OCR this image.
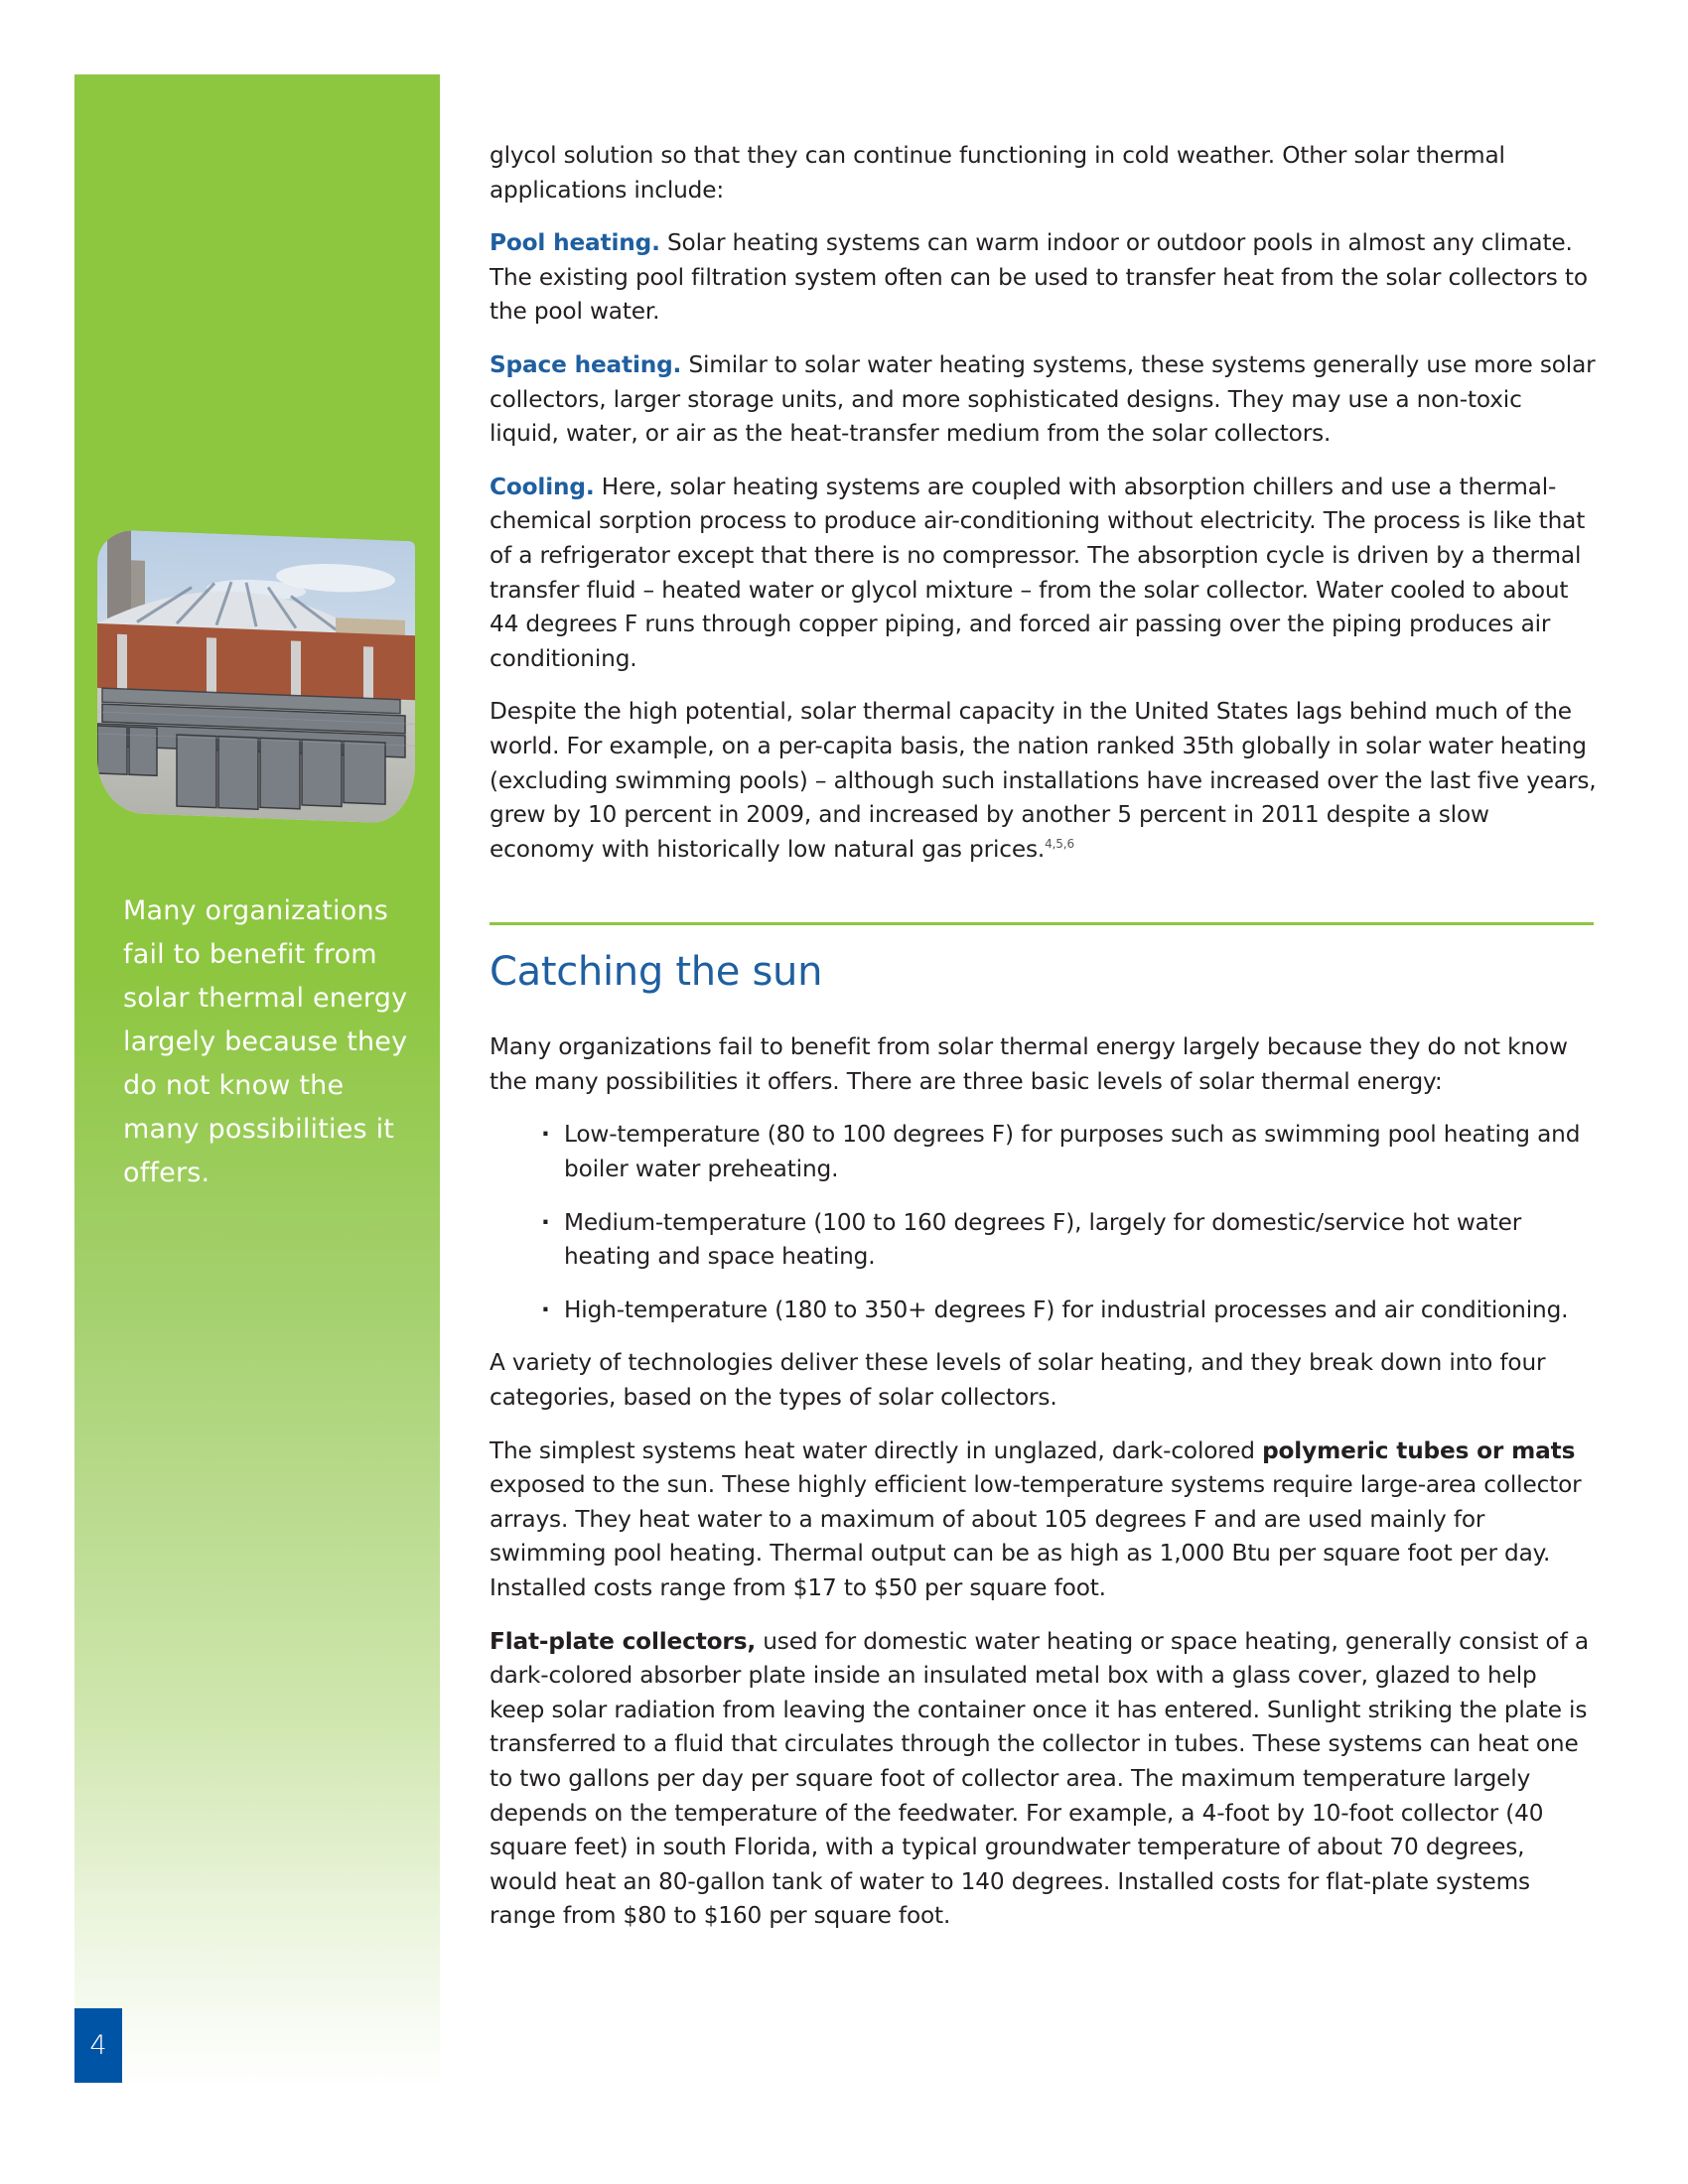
Many organizations fail to benefit from solar thermal energy largely because they do not know the many possibilities it offers.
4

glycol solution so that they can continue functioning in cold weather. Other solar thermal applications include:

Pool heating. Solar heating systems can warm indoor or outdoor pools in almost any climate. The existing pool filtration system often can be used to transfer heat from the solar collectors to the pool water.

Space heating. Similar to solar water heating systems, these systems generally use more solar collectors, larger storage units, and more sophisticated designs. They may use a non-toxic liquid, water, or air as the heat-transfer medium from the solar collectors.

Cooling. Here, solar heating systems are coupled with absorption chillers and use a thermal-chemical sorption process to produce air-conditioning without electricity. The process is like that of a refrigerator except that there is no compressor. The absorption cycle is driven by a thermal transfer fluid – heated water or glycol mixture – from the solar collector. Water cooled to about 44 degrees F runs through copper piping, and forced air passing over the piping produces air conditioning.

Despite the high potential, solar thermal capacity in the United States lags behind much of the world. For example, on a per-capita basis, the nation ranked 35th globally in solar water heating (excluding swimming pools) – although such installations have increased over the last five years, grew by 10 percent in 2009, and increased by another 5 percent in 2011 despite a slow economy with historically low natural gas prices.$^{4,5,6}$

Catching the sun

Many organizations fail to benefit from solar thermal energy largely because they do not know the many possibilities it offers. There are three basic levels of solar thermal energy:

· Low-temperature (80 to 100 degrees F) for purposes such as swimming pool heating and boiler water preheating.
· Medium-temperature (100 to 160 degrees F), largely for domestic/service hot water heating and space heating.
· High-temperature (180 to 350+ degrees F) for industrial processes and air conditioning.

A variety of technologies deliver these levels of solar heating, and they break down into four categories, based on the types of solar collectors.

The simplest systems heat water directly in unglazed, dark-colored polymeric tubes or mats exposed to the sun. These highly efficient low-temperature systems require large-area collector arrays. They heat water to a maximum of about 105 degrees F and are used mainly for swimming pool heating. Thermal output can be as high as 1,000 Btu per square foot per day. Installed costs range from $17 to $50 per square foot.

Flat-plate collectors, used for domestic water heating or space heating, generally consist of a dark-colored absorber plate inside an insulated metal box with a glass cover, glazed to help keep solar radiation from leaving the container once it has entered. Sunlight striking the plate is transferred to a fluid that circulates through the collector in tubes. These systems can heat one to two gallons per day per square foot of collector area. The maximum temperature largely depends on the temperature of the feedwater. For example, a 4-foot by 10-foot collector (40 square feet) in south Florida, with a typical groundwater temperature of about 70 degrees, would heat an 80-gallon tank of water to 140 degrees. Installed costs for flat-plate systems range from $80 to $160 per square foot.
